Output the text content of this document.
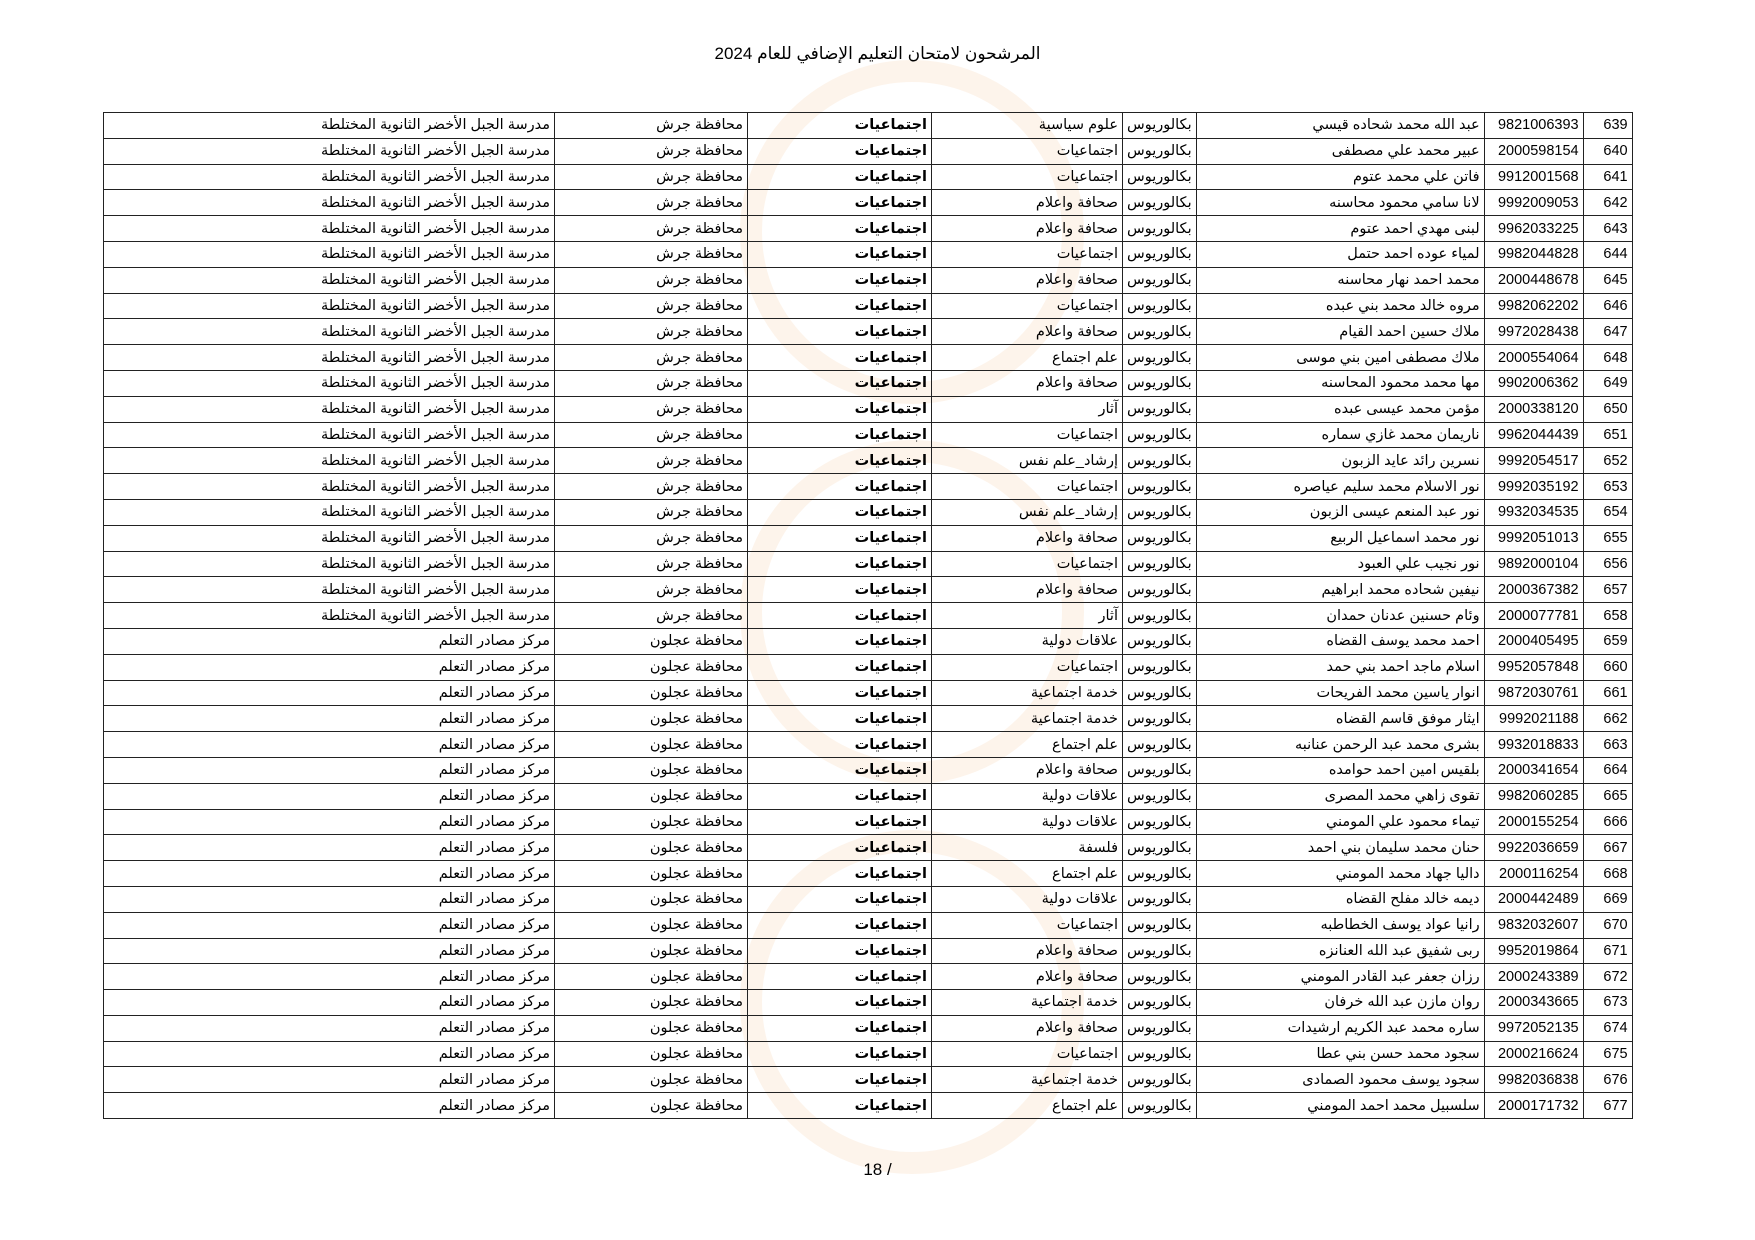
المرشحون لامتحان التعليم الإضافي للعام 2024
639	9821006393	عبد الله محمد شحاده قيسي	بكالوريوس	علوم سياسية	اجتماعيات	محافظة جرش	مدرسة الجبل الأخضر الثانوية المختلطة
640	2000598154	عبير محمد علي مصطفى	بكالوريوس	اجتماعيات	اجتماعيات	محافظة جرش	مدرسة الجبل الأخضر الثانوية المختلطة
641	9912001568	فاتن علي محمد عتوم	بكالوريوس	اجتماعيات	اجتماعيات	محافظة جرش	مدرسة الجبل الأخضر الثانوية المختلطة
642	9992009053	لانا سامي محمود محاسنه	بكالوريوس	صحافة واعلام	اجتماعيات	محافظة جرش	مدرسة الجبل الأخضر الثانوية المختلطة
643	9962033225	لبنى مهدي احمد عتوم	بكالوريوس	صحافة واعلام	اجتماعيات	محافظة جرش	مدرسة الجبل الأخضر الثانوية المختلطة
644	9982044828	لمياء عوده احمد حتمل	بكالوريوس	اجتماعيات	اجتماعيات	محافظة جرش	مدرسة الجبل الأخضر الثانوية المختلطة
645	2000448678	محمد احمد نهار محاسنه	بكالوريوس	صحافة واعلام	اجتماعيات	محافظة جرش	مدرسة الجبل الأخضر الثانوية المختلطة
646	9982062202	مروه خالد محمد بني عبده	بكالوريوس	اجتماعيات	اجتماعيات	محافظة جرش	مدرسة الجبل الأخضر الثانوية المختلطة
647	9972028438	ملاك حسين احمد القيام	بكالوريوس	صحافة واعلام	اجتماعيات	محافظة جرش	مدرسة الجبل الأخضر الثانوية المختلطة
648	2000554064	ملاك مصطفى امين بني موسى	بكالوريوس	علم اجتماع	اجتماعيات	محافظة جرش	مدرسة الجبل الأخضر الثانوية المختلطة
649	9902006362	مها محمد محمود المحاسنه	بكالوريوس	صحافة واعلام	اجتماعيات	محافظة جرش	مدرسة الجبل الأخضر الثانوية المختلطة
650	2000338120	مؤمن محمد عيسى عبده	بكالوريوس	آثار	اجتماعيات	محافظة جرش	مدرسة الجبل الأخضر الثانوية المختلطة
651	9962044439	ناريمان محمد غازي سماره	بكالوريوس	اجتماعيات	اجتماعيات	محافظة جرش	مدرسة الجبل الأخضر الثانوية المختلطة
652	9992054517	نسرين رائد عايد الزبون	بكالوريوس	إرشاد_علم نفس	اجتماعيات	محافظة جرش	مدرسة الجبل الأخضر الثانوية المختلطة
653	9992035192	نور الاسلام محمد سليم عياصره	بكالوريوس	اجتماعيات	اجتماعيات	محافظة جرش	مدرسة الجبل الأخضر الثانوية المختلطة
654	9932034535	نور عبد المنعم عيسى الزبون	بكالوريوس	إرشاد_علم نفس	اجتماعيات	محافظة جرش	مدرسة الجبل الأخضر الثانوية المختلطة
655	9992051013	نور محمد اسماعيل الربيع	بكالوريوس	صحافة واعلام	اجتماعيات	محافظة جرش	مدرسة الجبل الأخضر الثانوية المختلطة
656	9892000104	نور نجيب علي العبود	بكالوريوس	اجتماعيات	اجتماعيات	محافظة جرش	مدرسة الجبل الأخضر الثانوية المختلطة
657	2000367382	نيفين شحاده محمد ابراهيم	بكالوريوس	صحافة واعلام	اجتماعيات	محافظة جرش	مدرسة الجبل الأخضر الثانوية المختلطة
658	2000077781	وئام حسنين عدنان حمدان	بكالوريوس	آثار	اجتماعيات	محافظة جرش	مدرسة الجبل الأخضر الثانوية المختلطة
659	2000405495	احمد محمد يوسف القضاه	بكالوريوس	علاقات دولية	اجتماعيات	محافظة عجلون	مركز مصادر التعلم
660	9952057848	اسلام ماجد احمد بني حمد	بكالوريوس	اجتماعيات	اجتماعيات	محافظة عجلون	مركز مصادر التعلم
661	9872030761	انوار ياسين محمد الفريحات	بكالوريوس	خدمة اجتماعية	اجتماعيات	محافظة عجلون	مركز مصادر التعلم
662	9992021188	ايثار موفق قاسم القضاه	بكالوريوس	خدمة اجتماعية	اجتماعيات	محافظة عجلون	مركز مصادر التعلم
663	9932018833	بشرى محمد عبد الرحمن عنانبه	بكالوريوس	علم اجتماع	اجتماعيات	محافظة عجلون	مركز مصادر التعلم
664	2000341654	بلقيس امين احمد حوامده	بكالوريوس	صحافة واعلام	اجتماعيات	محافظة عجلون	مركز مصادر التعلم
665	9982060285	تقوى زاهي محمد المصرى	بكالوريوس	علاقات دولية	اجتماعيات	محافظة عجلون	مركز مصادر التعلم
666	2000155254	تيماء محمود علي المومني	بكالوريوس	علاقات دولية	اجتماعيات	محافظة عجلون	مركز مصادر التعلم
667	9922036659	حنان محمد سليمان بني احمد	بكالوريوس	فلسفة	اجتماعيات	محافظة عجلون	مركز مصادر التعلم
668	2000116254	داليا جهاد محمد المومني	بكالوريوس	علم اجتماع	اجتماعيات	محافظة عجلون	مركز مصادر التعلم
669	2000442489	ديمه خالد مفلح القضاه	بكالوريوس	علاقات دولية	اجتماعيات	محافظة عجلون	مركز مصادر التعلم
670	9832032607	رانيا عواد يوسف الخطاطبه	بكالوريوس	اجتماعيات	اجتماعيات	محافظة عجلون	مركز مصادر التعلم
671	9952019864	ربى شفيق عبد الله العنانزه	بكالوريوس	صحافة واعلام	اجتماعيات	محافظة عجلون	مركز مصادر التعلم
672	2000243389	رزان جعفر عبد القادر المومني	بكالوريوس	صحافة واعلام	اجتماعيات	محافظة عجلون	مركز مصادر التعلم
673	2000343665	روان مازن عبد الله خرفان	بكالوريوس	خدمة اجتماعية	اجتماعيات	محافظة عجلون	مركز مصادر التعلم
674	9972052135	ساره محمد عبد الكريم ارشيدات	بكالوريوس	صحافة واعلام	اجتماعيات	محافظة عجلون	مركز مصادر التعلم
675	2000216624	سجود محمد حسن بني عطا	بكالوريوس	اجتماعيات	اجتماعيات	محافظة عجلون	مركز مصادر التعلم
676	9982036838	سجود يوسف محمود الصمادى	بكالوريوس	خدمة اجتماعية	اجتماعيات	محافظة عجلون	مركز مصادر التعلم
677	2000171732	سلسبيل محمد احمد المومني	بكالوريوس	علم اجتماع	اجتماعيات	محافظة عجلون	مركز مصادر التعلم
18 /
